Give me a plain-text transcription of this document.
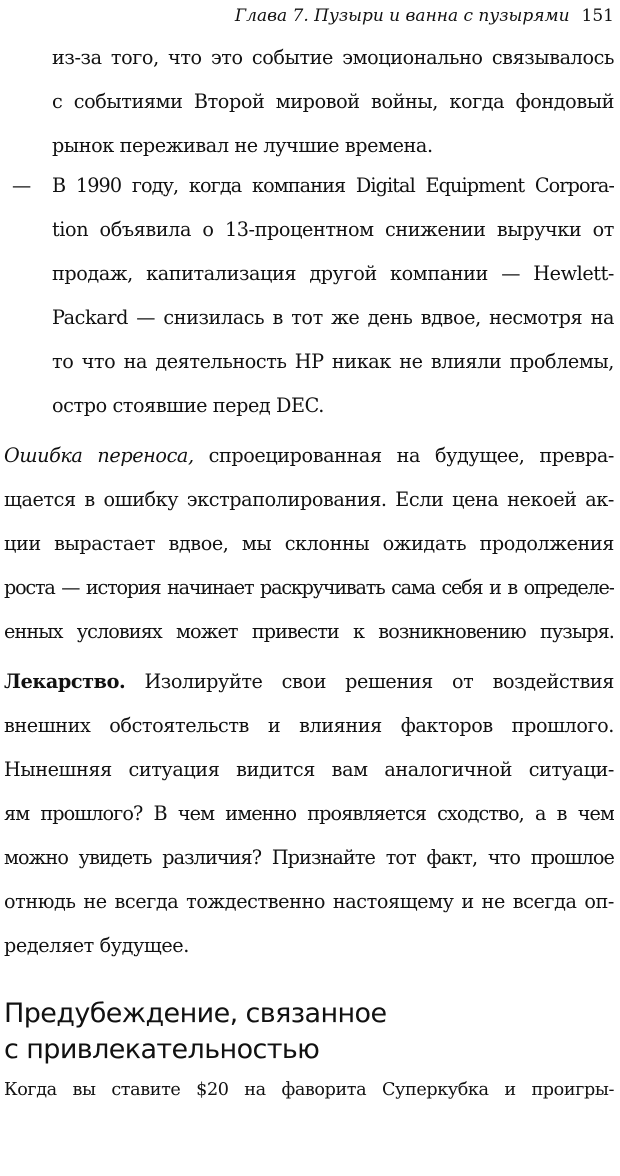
Глава 7. Пузыри и ванна с пузырями 151
из-за того, что это событие эмоционально связывалось
с событиями Второй мировой войны, когда фондовый
рынок переживал не лучшие времена.
— В 1990 году, когда компания Digital Equipment Corpora-
tion объявила о 13-процентном снижении выручки от
продаж, капитализация другой компании — Hewlett-
Packard — снизилась в тот же день вдвое, несмотря на
то что на деятельность HP никак не влияли проблемы,
остро стоявшие перед DEC.
Ошибка переноса, спроецированная на будущее, превра-
щается в ошибку экстраполирования. Если цена некоей ак-
ции вырастает вдвое, мы склонны ожидать продолжения
роста — история начинает раскручивать сама себя и в определе-
енных условиях может привести к возникновению пузыря.
Лекарство. Изолируйте свои решения от воздействия
внешних обстоятельств и влияния факторов прошлого.
Нынешняя ситуация видится вам аналогичной ситуаци-
ям прошлого? В чем именно проявляется сходство, а в чем
можно увидеть различия? Признайте тот факт, что прошлое
отнюдь не всегда тождественно настоящему и не всегда оп-
ределяет будущее.
Предубеждение, связанное
с привлекательностью
Когда вы ставите $20 на фаворита Суперкубка и проигры-
